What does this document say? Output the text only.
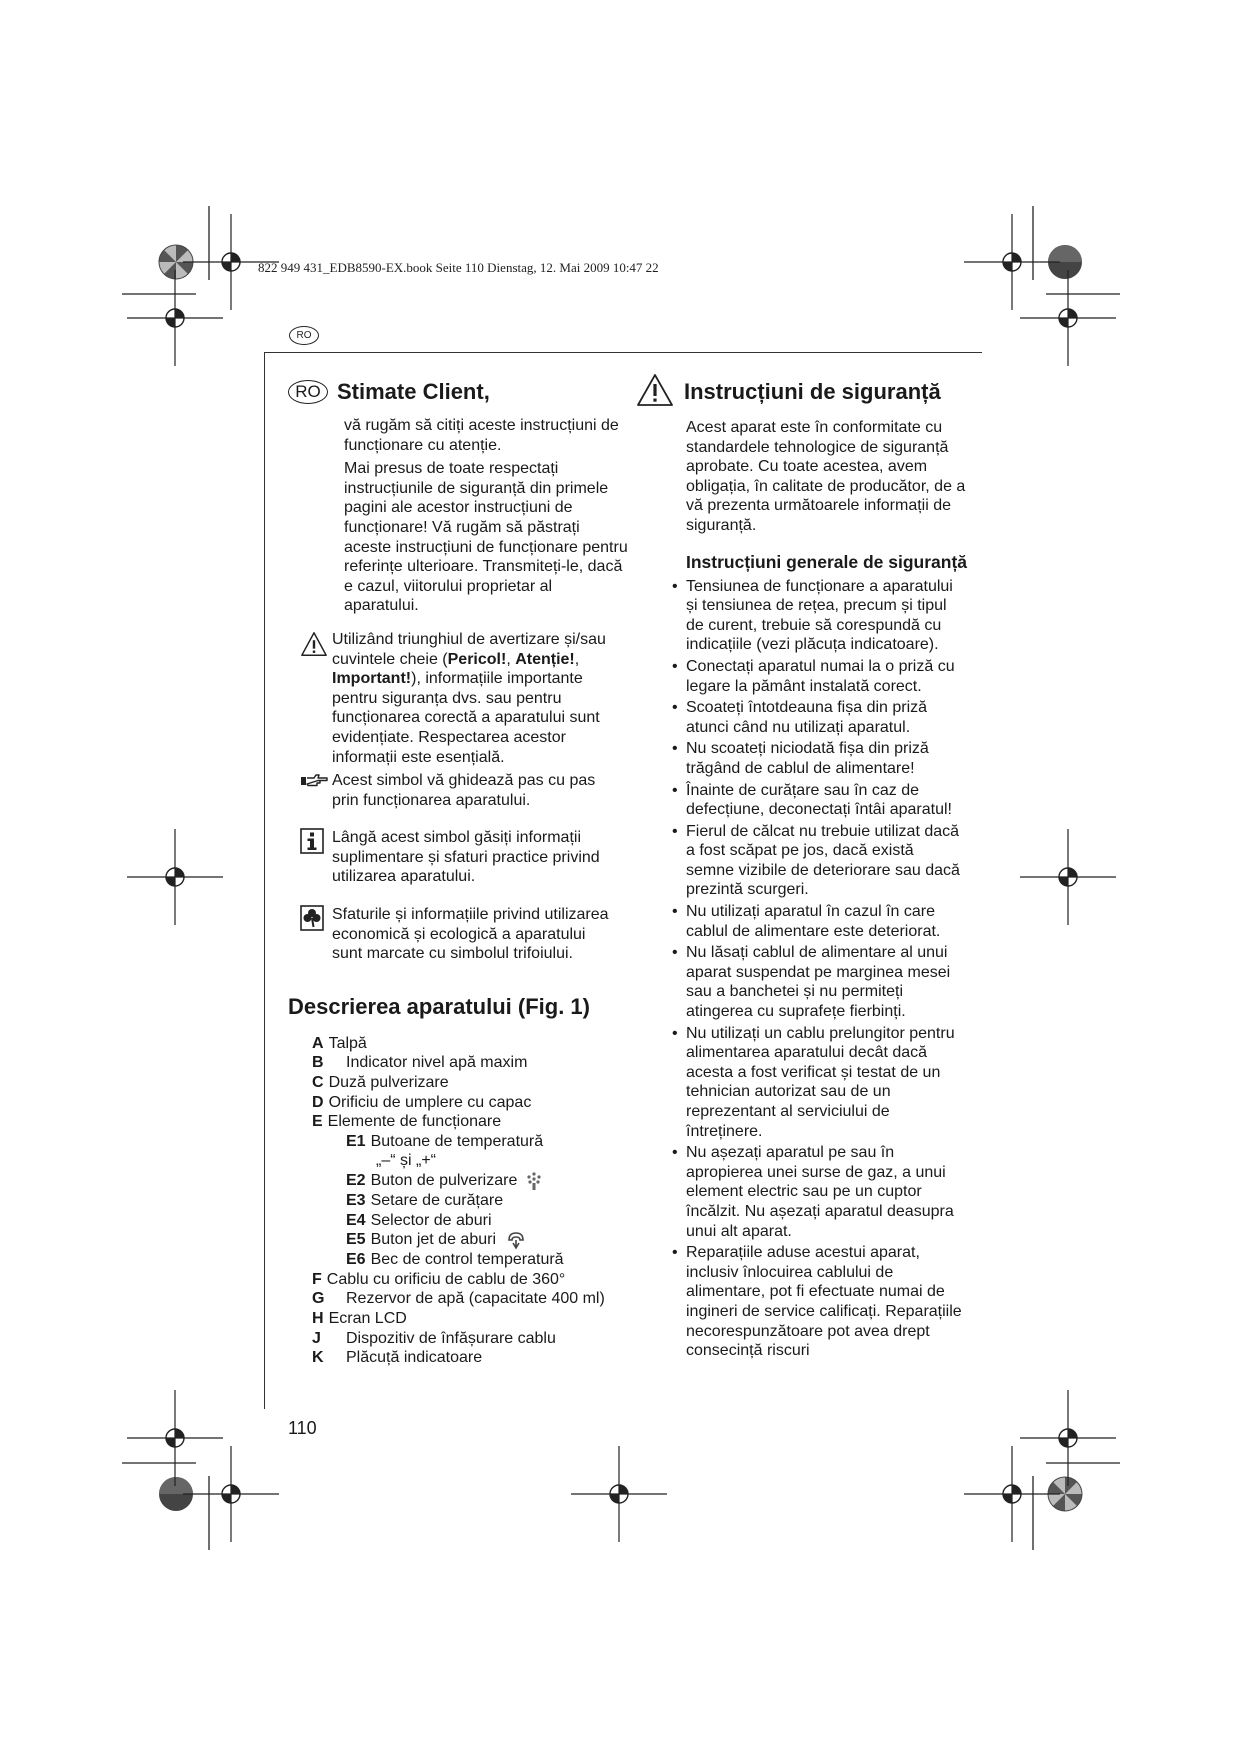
822 949 431_EDB8590-EX.book Seite 110 Dienstag, 12. Mai 2009 10:47 22
RO
RO Stimate Client,

vă rugăm să citiți aceste instrucțiuni de funcționare cu atenție.

Mai presus de toate respectați instrucțiunile de siguranță din primele pagini ale acestor instrucțiuni de funcționare! Vă rugăm să păstrați aceste instrucțiuni de funcționare pentru referințe ulterioare. Transmiteți-le, dacă e cazul, viitorului proprietar al aparatului.

Utilizând triunghiul de avertizare și/sau cuvintele cheie (Pericol!, Atenție!, Important!), informațiile importante pentru siguranța dvs. sau pentru funcționarea corectă a aparatului sunt evidențiate. Respectarea acestor informații este esențială.
Acest simbol vă ghidează pas cu pas prin funcționarea aparatului.
Lângă acest simbol găsiți informații suplimentare și sfaturi practice privind utilizarea aparatului.
Sfaturile și informațiile privind utilizarea economică și ecologică a aparatului sunt marcate cu simbolul trifoiului.
Descrierea aparatului (Fig. 1)
A Talpă
B	Indicator nivel apă maxim
C Duză pulverizare
D Orificiu de umplere cu capac
E Elemente de funcționare
E1 Butoane de temperatură
„–“ și „+“
E2 Buton de pulverizare
E3 Setare de curățare
E4 Selector de aburi
E5 Buton jet de aburi
E6 Bec de control temperatură
F Cablu cu orificiu de cablu de 360°
G	Rezervor de apă (capacitate 400 ml)
H Ecran LCD
J	Dispozitiv de înfășurare cablu
K	Plăcuță indicatoare
Instrucțiuni de siguranță
Acest aparat este în conformitate cu standardele tehnologice de siguranță aprobate. Cu toate acestea, avem obligația, în calitate de producător, de a vă prezenta următoarele informații de siguranță.
Instrucțiuni generale de siguranță
• Tensiunea de funcționare a aparatului și tensiunea de rețea, precum și tipul de curent, trebuie să corespundă cu indicațiile (vezi plăcuța indicatoare).
• Conectați aparatul numai la o priză cu legare la pământ instalată corect.
• Scoateți întotdeauna fișa din priză atunci când nu utilizați aparatul.
• Nu scoateți niciodată fișa din priză trăgând de cablul de alimentare!
• Înainte de curățare sau în caz de defecțiune, deconectați întâi aparatul!
• Fierul de călcat nu trebuie utilizat dacă a fost scăpat pe jos, dacă există semne vizibile de deteriorare sau dacă prezintă scurgeri.
• Nu utilizați aparatul în cazul în care cablul de alimentare este deteriorat.
• Nu lăsați cablul de alimentare al unui aparat suspendat pe marginea mesei sau a banchetei și nu permiteți atingerea cu suprafețe fierbinți.
• Nu utilizați un cablu prelungitor pentru alimentarea aparatului decât dacă acesta a fost verificat și testat de un tehnician autorizat sau de un reprezentant al serviciului de întreținere.
• Nu așezați aparatul pe sau în apropierea unei surse de gaz, a unui element electric sau pe un cuptor încălzit. Nu așezați aparatul deasupra unui alt aparat.
• Reparațiile aduse acestui aparat, inclusiv înlocuirea cablului de alimentare, pot fi efectuate numai de ingineri de service calificați. Reparațiile necorespunzătoare pot avea drept consecință riscuri
110
